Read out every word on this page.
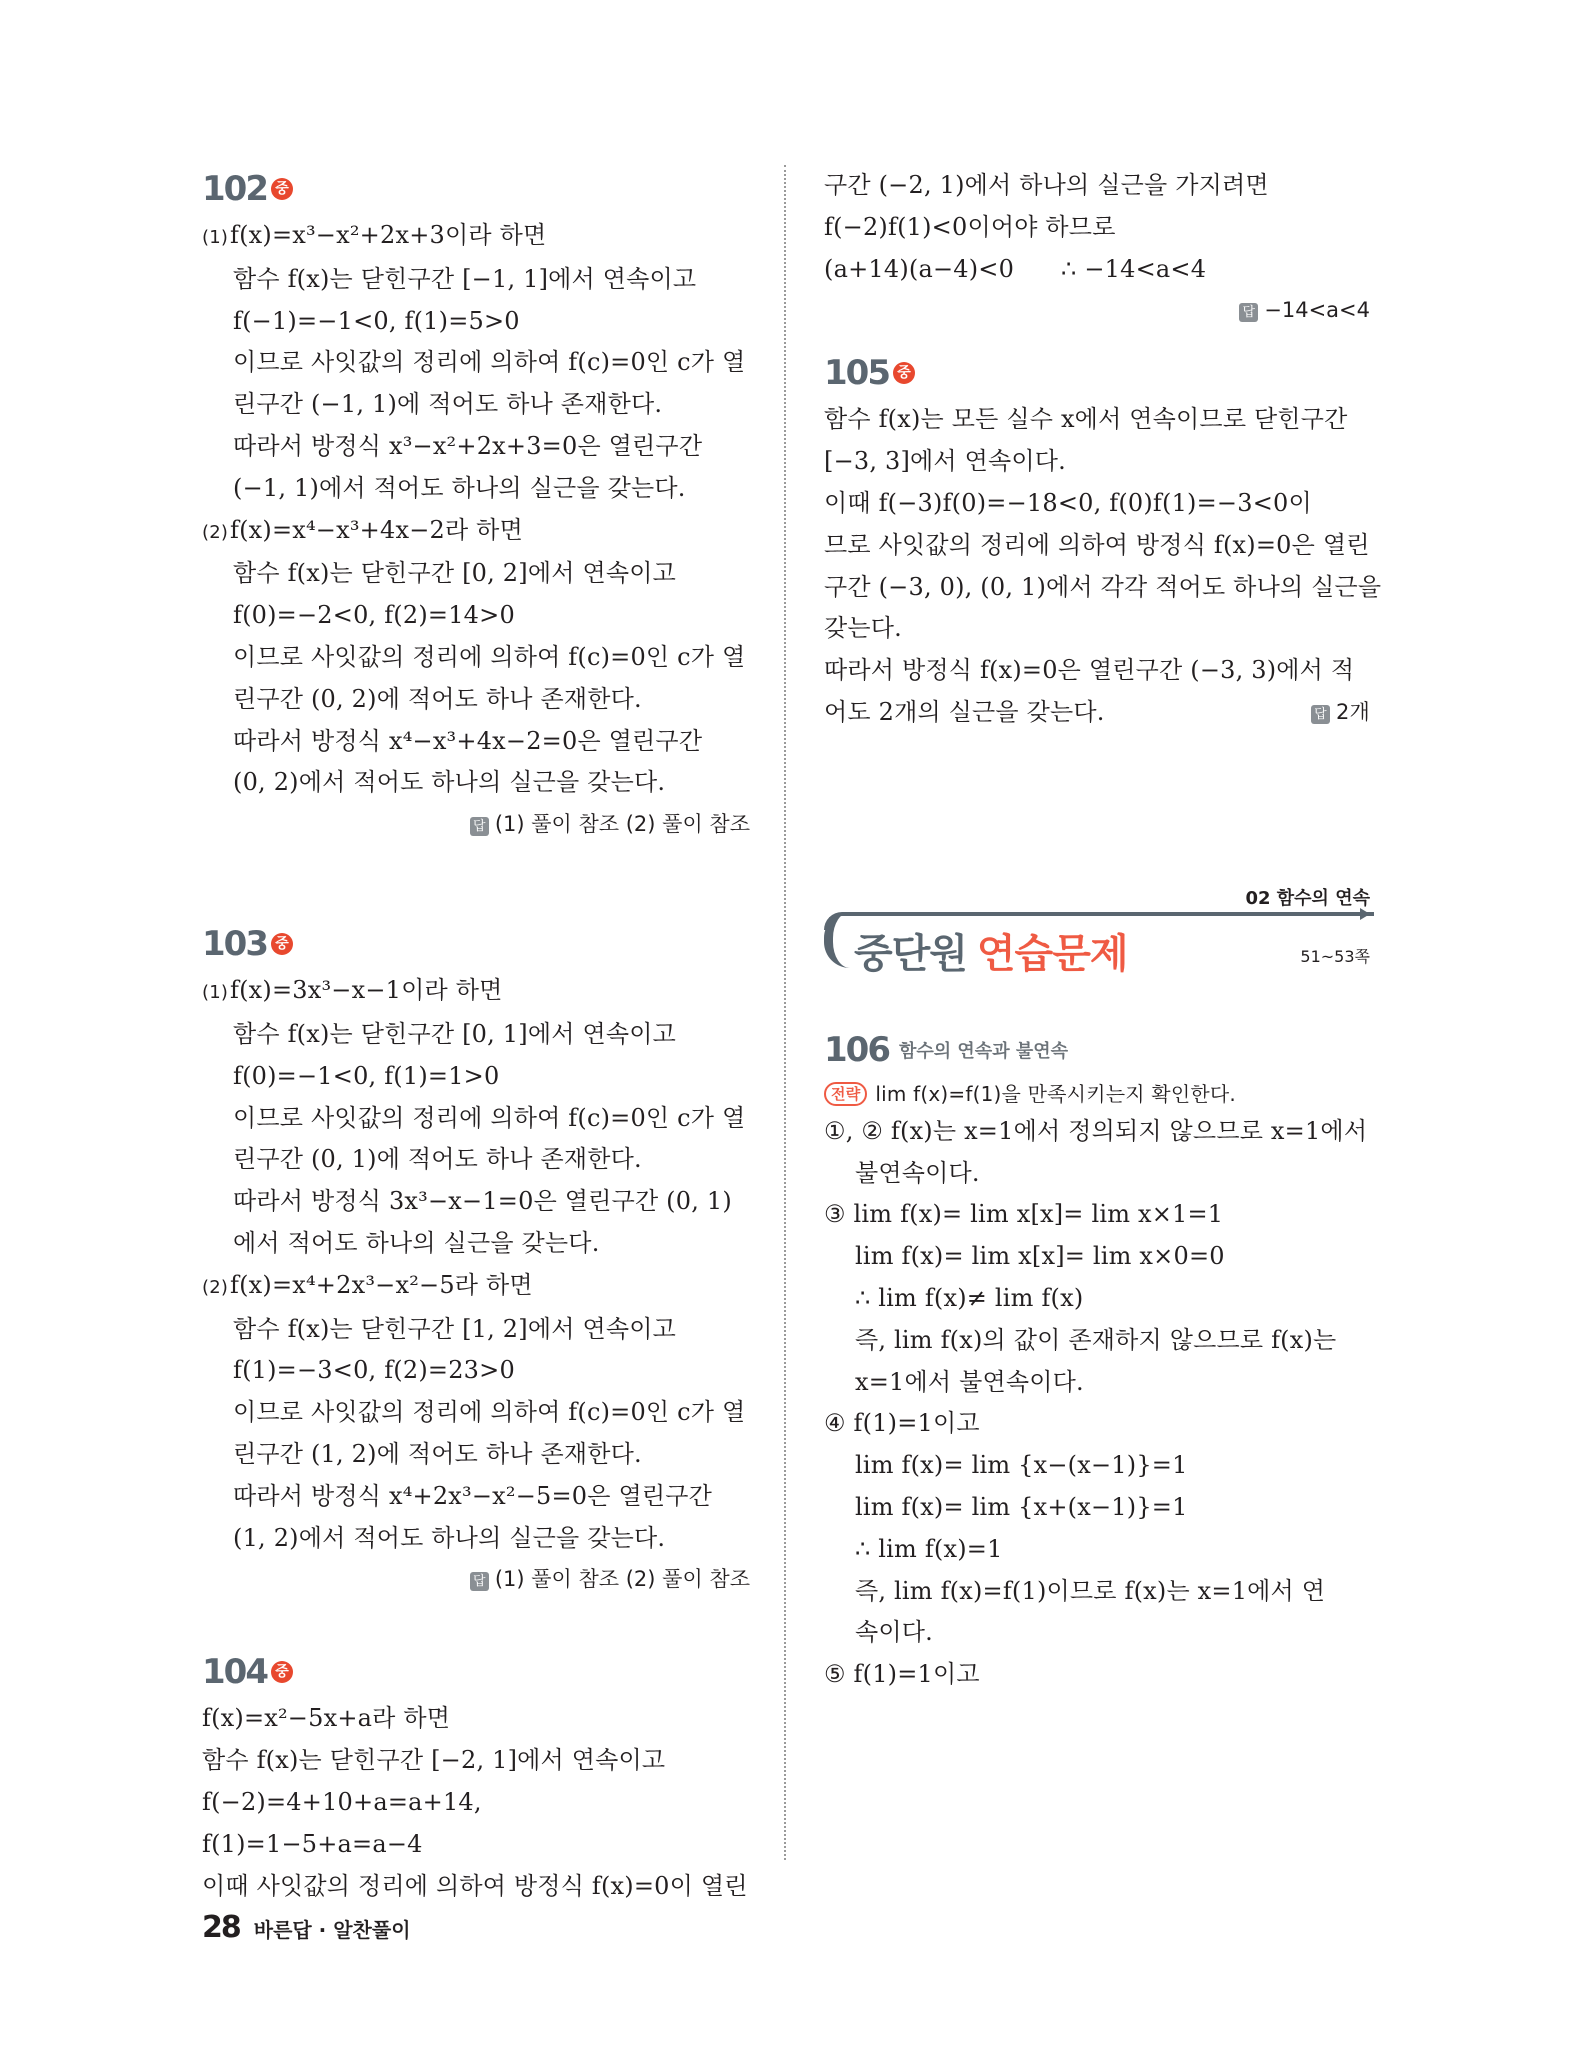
102 중
(1)f(x)=x³−x²+2x+3이라 하면
함수 f(x)는 닫힌구간 [−1, 1]에서 연속이고
f(−1)=−1<0, f(1)=5>0
이므로 사잇값의 정리에 의하여 f(c)=0인 c가 열
린구간 (−1, 1)에 적어도 하나 존재한다.
따라서 방정식 x³−x²+2x+3=0은 열린구간
(−1, 1)에서 적어도 하나의 실근을 갖는다.
(2)f(x)=x⁴−x³+4x−2라 하면
함수 f(x)는 닫힌구간 [0, 2]에서 연속이고
f(0)=−2<0, f(2)=14>0
이므로 사잇값의 정리에 의하여 f(c)=0인 c가 열
린구간 (0, 2)에 적어도 하나 존재한다.
따라서 방정식 x⁴−x³+4x−2=0은 열린구간
(0, 2)에서 적어도 하나의 실근을 갖는다.
답 (1) 풀이 참조 (2) 풀이 참조
103 중
(1)f(x)=3x³−x−1이라 하면
함수 f(x)는 닫힌구간 [0, 1]에서 연속이고
f(0)=−1<0, f(1)=1>0
이므로 사잇값의 정리에 의하여 f(c)=0인 c가 열
린구간 (0, 1)에 적어도 하나 존재한다.
따라서 방정식 3x³−x−1=0은 열린구간 (0, 1)
에서 적어도 하나의 실근을 갖는다.
(2)f(x)=x⁴+2x³−x²−5라 하면
함수 f(x)는 닫힌구간 [1, 2]에서 연속이고
f(1)=−3<0, f(2)=23>0
이므로 사잇값의 정리에 의하여 f(c)=0인 c가 열
린구간 (1, 2)에 적어도 하나 존재한다.
따라서 방정식 x⁴+2x³−x²−5=0은 열린구간
(1, 2)에서 적어도 하나의 실근을 갖는다.
답 (1) 풀이 참조 (2) 풀이 참조
104 중
f(x)=x²−5x+a라 하면
함수 f(x)는 닫힌구간 [−2, 1]에서 연속이고
f(−2)=4+10+a=a+14,
f(1)=1−5+a=a−4
이때 사잇값의 정리에 의하여 방정식 f(x)=0이 열린
구간 (−2, 1)에서 하나의 실근을 가지려면
f(−2)f(1)<0이어야 하므로
(a+14)(a−4)<0      ∴ −14<a<4
답 −14<a<4
105 중
함수 f(x)는 모든 실수 x에서 연속이므로 닫힌구간
[−3, 3]에서 연속이다.
이때 f(−3)f(0)=−18<0, f(0)f(1)=−3<0이
므로 사잇값의 정리에 의하여 방정식 f(x)=0은 열린
구간 (−3, 0), (0, 1)에서 각각 적어도 하나의 실근을
갖는다.
따라서 방정식 f(x)=0은 열린구간 (−3, 3)에서 적
어도 2개의 실근을 갖는다.	답 2개
02 함수의 연속
중단원 연습문제	51~53쪽
106 함수의 연속과 불연속
전략 lim f(x)=f(1)을 만족시키는지 확인한다.
①, ② f(x)는 x=1에서 정의되지 않으므로 x=1에서
불연속이다.
③ lim f(x)= lim x[x]= lim x×1=1
lim f(x)= lim x[x]= lim x×0=0
∴ lim f(x)≠ lim f(x)
즉, lim f(x)의 값이 존재하지 않으므로 f(x)는
x=1에서 불연속이다.
④ f(1)=1이고
lim f(x)= lim {x−(x−1)}=1
lim f(x)= lim {x+(x−1)}=1
∴ lim f(x)=1
즉, lim f(x)=f(1)이므로 f(x)는 x=1에서 연
속이다.
⑤ f(1)=1이고
28 바른답 · 알찬풀이
